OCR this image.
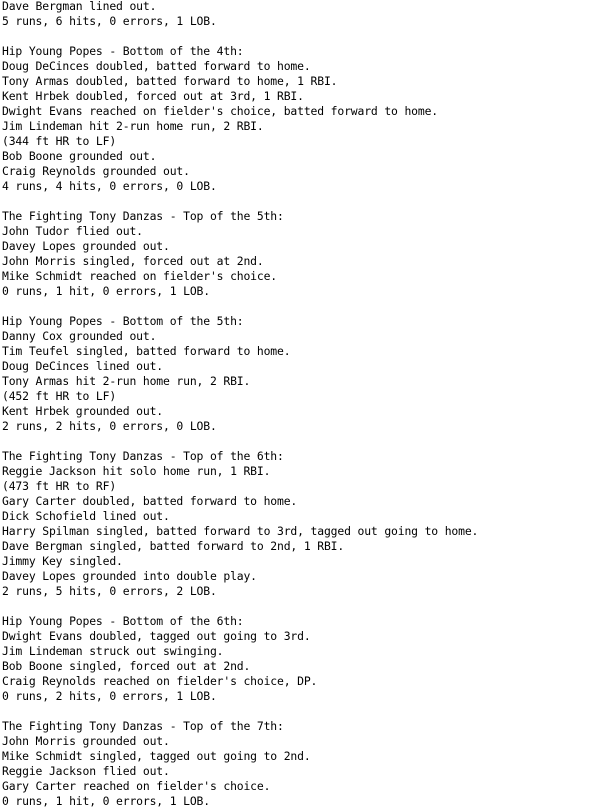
Dave Bergman lined out.
5 runs, 6 hits, 0 errors, 1 LOB.
Hip Young Popes - Bottom of the 4th:
Doug DeCinces doubled, batted forward to home.
Tony Armas doubled, batted forward to home, 1 RBI.
Kent Hrbek doubled, forced out at 3rd, 1 RBI.
Dwight Evans reached on fielder's choice, batted forward to home.
Jim Lindeman hit 2-run home run, 2 RBI.
(344 ft HR to LF)
Bob Boone grounded out.
Craig Reynolds grounded out.
4 runs, 4 hits, 0 errors, 0 LOB.
The Fighting Tony Danzas - Top of the 5th:
John Tudor flied out.
Davey Lopes grounded out.
John Morris singled, forced out at 2nd.
Mike Schmidt reached on fielder's choice.
0 runs, 1 hit, 0 errors, 1 LOB.
Hip Young Popes - Bottom of the 5th:
Danny Cox grounded out.
Tim Teufel singled, batted forward to home.
Doug DeCinces lined out.
Tony Armas hit 2-run home run, 2 RBI.
(452 ft HR to LF)
Kent Hrbek grounded out.
2 runs, 2 hits, 0 errors, 0 LOB.
The Fighting Tony Danzas - Top of the 6th:
Reggie Jackson hit solo home run, 1 RBI.
(473 ft HR to RF)
Gary Carter doubled, batted forward to home.
Dick Schofield lined out.
Harry Spilman singled, batted forward to 3rd, tagged out going to home.
Dave Bergman singled, batted forward to 2nd, 1 RBI.
Jimmy Key singled.
Davey Lopes grounded into double play.
2 runs, 5 hits, 0 errors, 2 LOB.
Hip Young Popes - Bottom of the 6th:
Dwight Evans doubled, tagged out going to 3rd.
Jim Lindeman struck out swinging.
Bob Boone singled, forced out at 2nd.
Craig Reynolds reached on fielder's choice, DP.
0 runs, 2 hits, 0 errors, 1 LOB.
The Fighting Tony Danzas - Top of the 7th:
John Morris grounded out.
Mike Schmidt singled, tagged out going to 2nd.
Reggie Jackson flied out.
Gary Carter reached on fielder's choice.
0 runs, 1 hit, 0 errors, 1 LOB.
